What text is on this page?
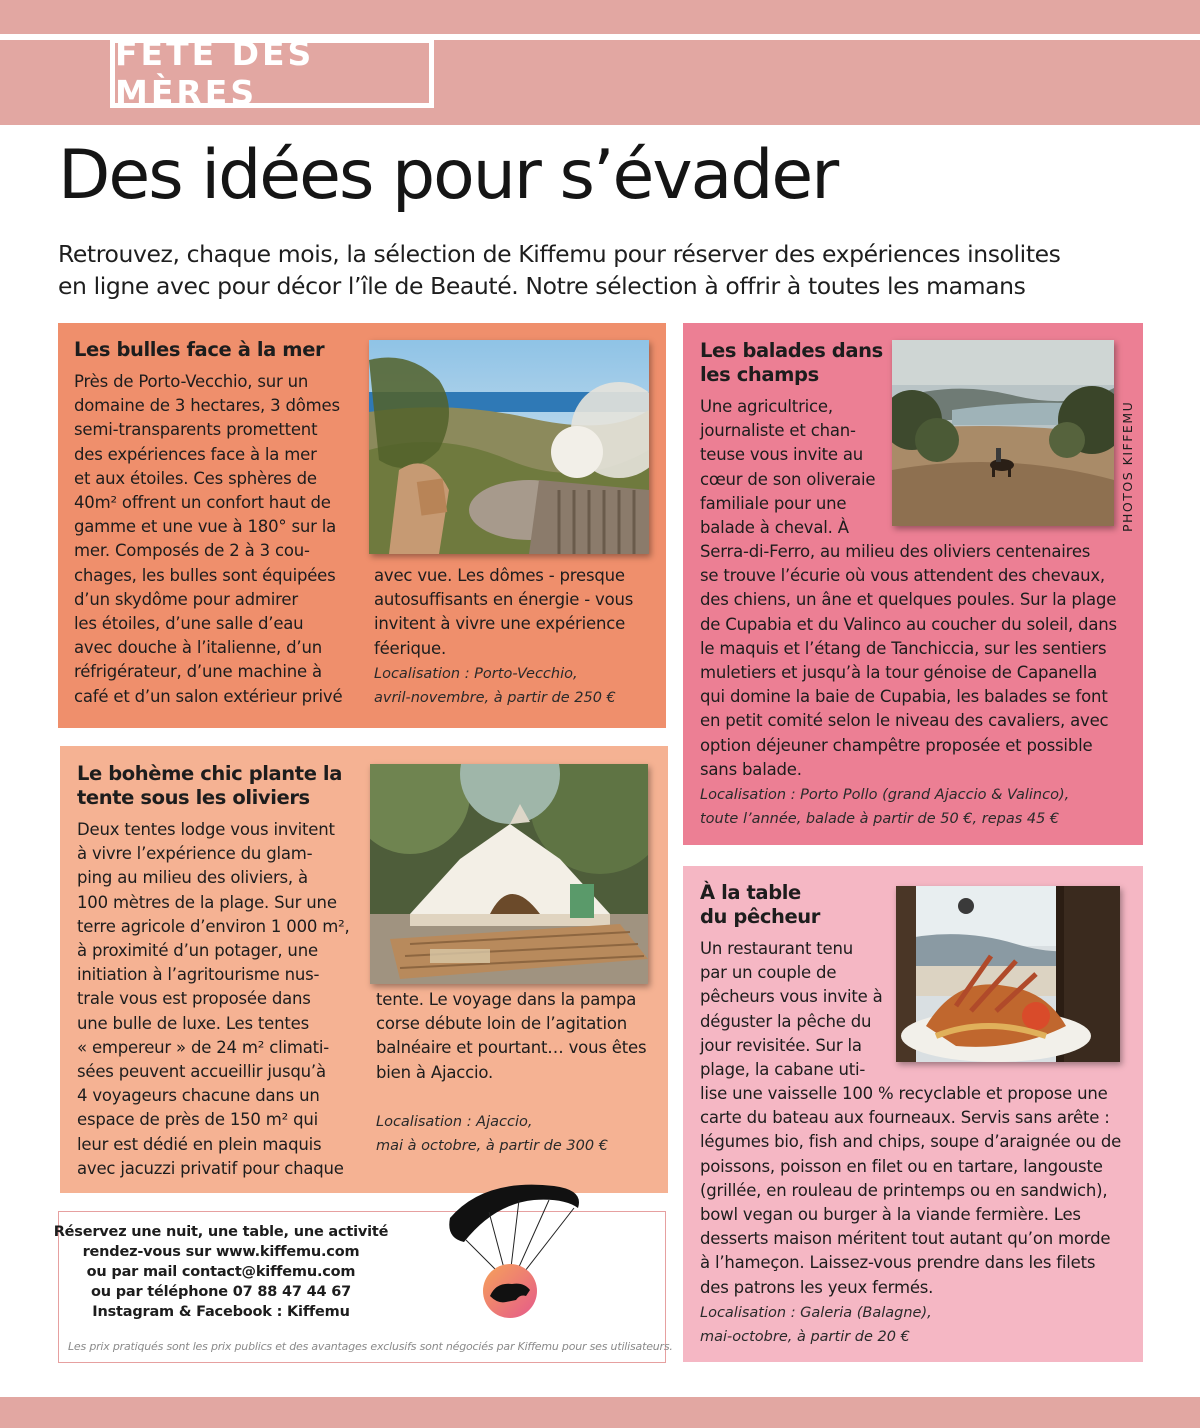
FÊTE DES MÈRES
Des idées pour s’évader

Retrouvez, chaque mois, la sélection de Kiffemu pour réserver des expériences insolites
en ligne avec pour décor l’île de Beauté. Notre sélection à offrir à toutes les mamans

Les bulles face à la mer
Près de Porto-Vecchio, sur un
domaine de 3 hectares, 3 dômes
semi-transparents promettent
des expériences face à la mer
et aux étoiles. Ces sphères de
40m² offrent un confort haut de
gamme et une vue à 180° sur la
mer. Composés de 2 à 3 cou-
chages, les bulles sont équipées
d’un skydôme pour admirer
les étoiles, d’une salle d’eau
avec douche à l’italienne, d’un
réfrigérateur, d’une machine à
café et d’un salon extérieur privé
avec vue. Les dômes - presque
autosuffisants en énergie - vous
invitent à vivre une expérience
féerique.
Localisation : Porto-Vecchio,
avril-novembre, à partir de 250 €
Le bohème chic plante la
tente sous les oliviers
Deux tentes lodge vous invitent
à vivre l’expérience du glam-
ping au milieu des oliviers, à
100 mètres de la plage. Sur une
terre agricole d’environ 1 000 m²,
à proximité d’un potager, une
initiation à l’agritourisme nus-
trale vous est proposée dans
une bulle de luxe. Les tentes
« empereur » de 24 m² climati-
sées peuvent accueillir jusqu’à
4 voyageurs chacune dans un
espace de près de 150 m² qui
leur est dédié en plein maquis
avec jacuzzi privatif pour chaque
tente. Le voyage dans la pampa
corse débute loin de l’agitation
balnéaire et pourtant… vous êtes
bien à Ajaccio.
Localisation : Ajaccio,
mai à octobre, à partir de 300 €
Les balades dans
les champs
Une agricultrice,
journaliste et chan-
teuse vous invite au
cœur de son oliveraie
familiale pour une
balade à cheval. À
Serra-di-Ferro, au milieu des oliviers centenaires
se trouve l’écurie où vous attendent des chevaux,
des chiens, un âne et quelques poules. Sur la plage
de Cupabia et du Valinco au coucher du soleil, dans
le maquis et l’étang de Tanchiccia, sur les sentiers
muletiers et jusqu’à la tour génoise de Capanella
qui domine la baie de Cupabia, les balades se font
en petit comité selon le niveau des cavaliers, avec
option déjeuner champêtre proposée et possible
sans balade.
Localisation : Porto Pollo (grand Ajaccio & Valinco),
toute l’année, balade à partir de 50 €, repas 45 €
PHOTOS KIFFEMU
À la table
du pêcheur
Un restaurant tenu
par un couple de
pêcheurs vous invite à
déguster la pêche du
jour revisitée. Sur la
plage, la cabane uti-
lise une vaisselle 100 % recyclable et propose une
carte du bateau aux fourneaux. Servis sans arête :
légumes bio, fish and chips, soupe d’araignée ou de
poissons, poisson en filet ou en tartare, langouste
(grillée, en rouleau de printemps ou en sandwich),
bowl vegan ou burger à la viande fermière. Les
desserts maison méritent tout autant qu’on morde
à l’hameçon. Laissez-vous prendre dans les filets
des patrons les yeux fermés.
Localisation : Galeria (Balagne),
mai-octobre, à partir de 20 €
Réservez une nuit, une table, une activité
rendez-vous sur www.kiffemu.com
ou par mail contact@kiffemu.com
ou par téléphone 07 88 47 44 67
Instagram & Facebook : Kiffemu
Les prix pratiqués sont les prix publics et des avantages exclusifs sont négociés par Kiffemu pour ses utilisateurs.
